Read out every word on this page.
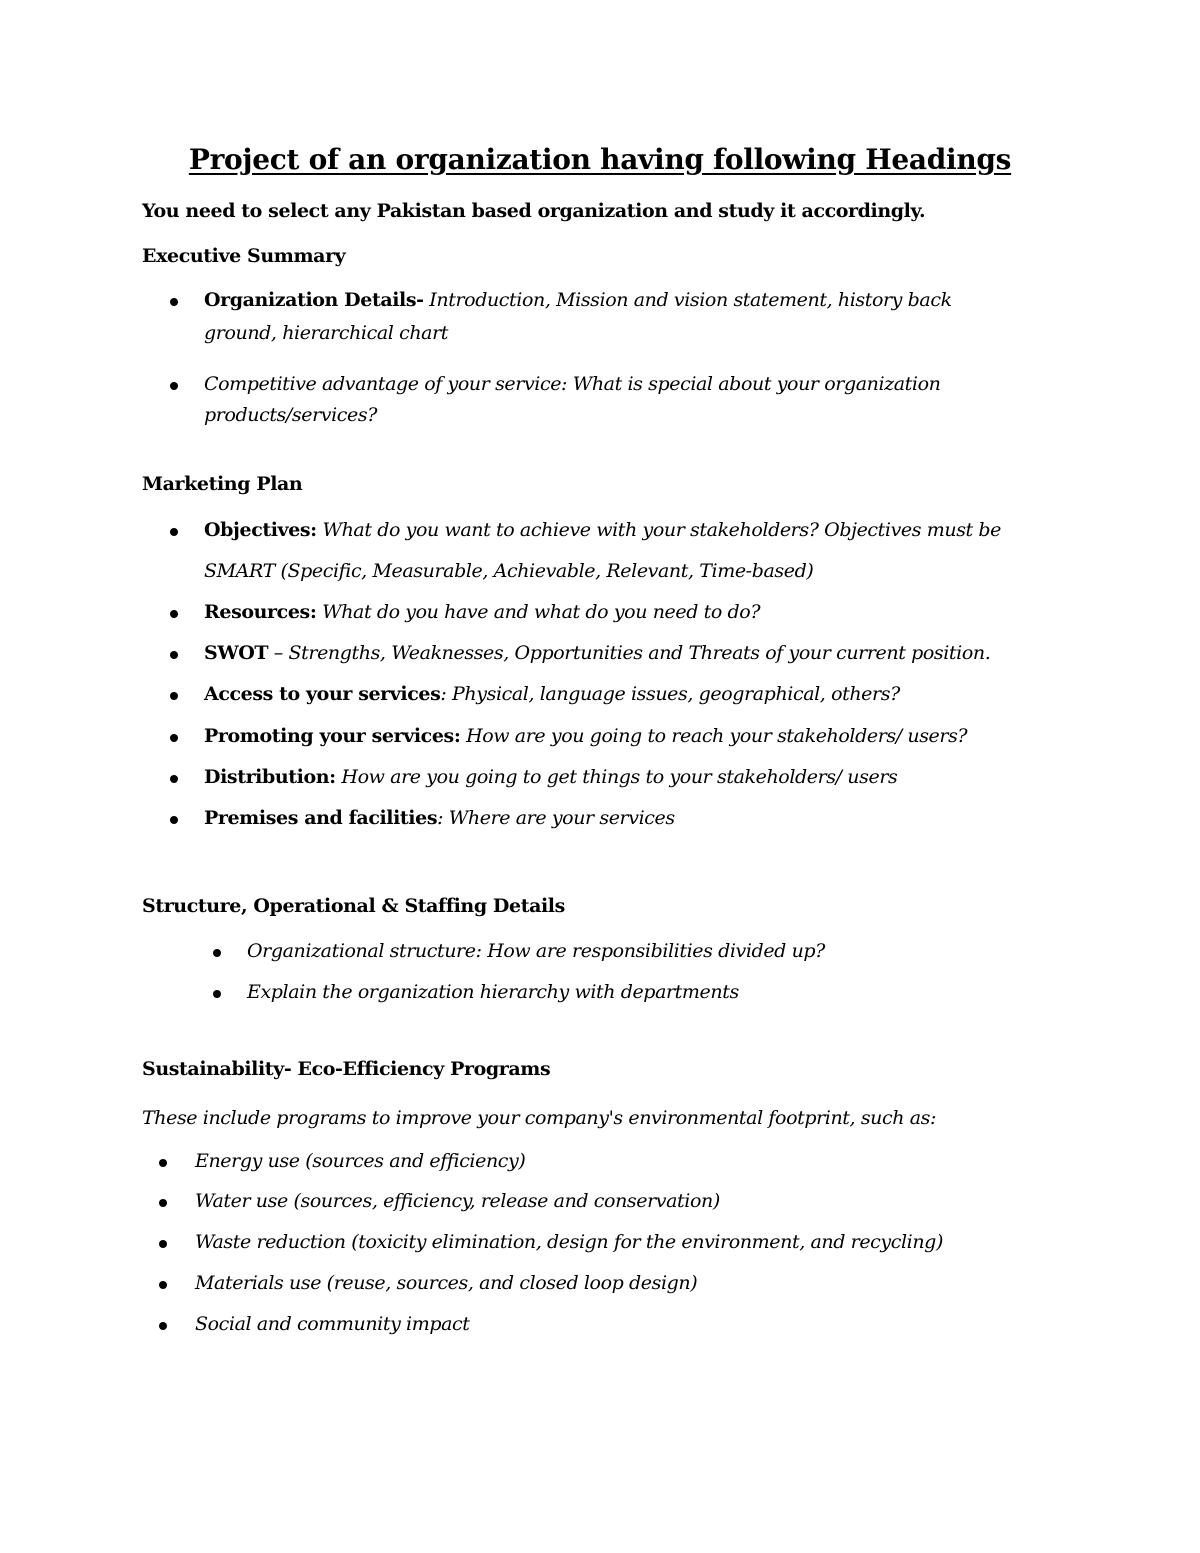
Project of an organization having following Headings
You need to select any Pakistan based organization and study it accordingly.
Executive Summary
Organization Details- Introduction, Mission and vision statement, history back
ground, hierarchical chart
Competitive advantage of your service: What is special about your organization
products/services?
Marketing Plan
Objectives: What do you want to achieve with your stakeholders? Objectives must be
SMART (Specific, Measurable, Achievable, Relevant, Time-based)
Resources: What do you have and what do you need to do?
SWOT – Strengths, Weaknesses, Opportunities and Threats of your current position.
Access to your services: Physical, language issues, geographical, others?
Promoting your services: How are you going to reach your stakeholders/ users?
Distribution: How are you going to get things to your stakeholders/ users
Premises and facilities: Where are your services
Structure, Operational & Staffing Details
Organizational structure: How are responsibilities divided up?
Explain the organization hierarchy with departments
Sustainability- Eco-Efficiency Programs
These include programs to improve your company's environmental footprint, such as:
Energy use (sources and efficiency)
Water use (sources, efficiency, release and conservation)
Waste reduction (toxicity elimination, design for the environment, and recycling)
Materials use (reuse, sources, and closed loop design)
Social and community impact
